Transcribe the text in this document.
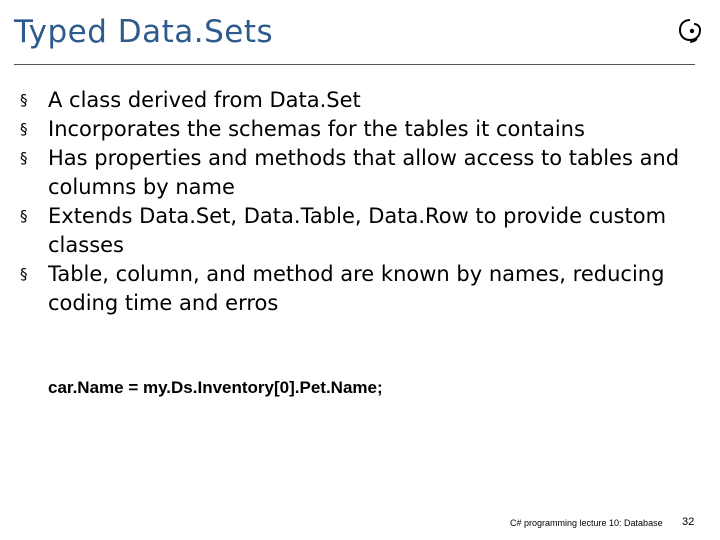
Typed Data.Sets
§ A class derived from Data.Set
§ Incorporates the schemas for the tables it contains
§ Has properties and methods that allow access to tables and columns by name
§ Extends Data.Set, Data.Table, Data.Row to provide custom classes
§ Table, column, and method are known by names, reducing coding time and erros
car.Name = my.Ds.Inventory[0].Pet.Name;
C# programming lecture 10: Database 32
